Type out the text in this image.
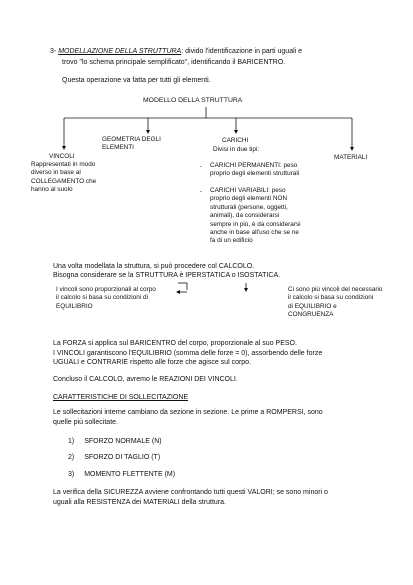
3- MODELLAZIONE DELLA STRUTTURA: divido l'identificazione in parti uguali e
trovo "lo schema principale semplificato", identificando il BARICENTRO.
Questa operazione va fatta per tutti gli elementi.
MODELLO DELLA STRUTTURA
VINCOLI
Rappresentati in modo
diverso in base al
COLLEGAMENTO che
hanno al suolo
GEOMETRIA DEGLI
ELEMENTI
CARICHI
Divisi in due tipi:
- CARICHI PERMANENTI: peso
proprio degli elementi strutturali
- CARICHI VARIABILI: peso
proprio degli elementi NON
strutturali (persone, oggetti,
animali), da considerarsi
sempre in più, è da considerarsi
anche in base all'uso che se ne
fa di un edificio
MATERIALI
Una volta modellata la struttura, si può procedere col CALCOLO.
Bisogna considerare se la STRUTTURA è IPERSTATICA o ISOSTATICA.
I vincoli sono proporzionali al corpo
il calcolo si basa su condizioni di
EQUILIBRIO
Ci sono più vincoli del necessario
il calcolo si basa su condizioni
di EQUILIBRIO e
CONGRUENZA
La FORZA si applica sul BARICENTRO del corpo, proporzionale al suo PESO.
I VINCOLI garantiscono l'EQUILIBRIO (somma delle forze = 0), assorbendo delle forze
UGUALI e CONTRARIE rispetto alle forze che agisce sul corpo.
Concluso il CALCOLO, avremo le REAZIONI DEI VINCOLI.
CARATTERISTICHE DI SOLLECITAZIONE
Le sollecitazioni interne cambiano da sezione in sezione. Le prime a ROMPERSI, sono
quelle più sollecitate.
1) SFORZO NORMALE (N)
2) SFORZO DI TAGLIO (T)
3) MOMENTO FLETTENTE (M)
La verifica della SICUREZZA avviene confrontando tutti questi VALORI; se sono minori o
uguali alla RESISTENZA dei MATERIALI della struttura.
